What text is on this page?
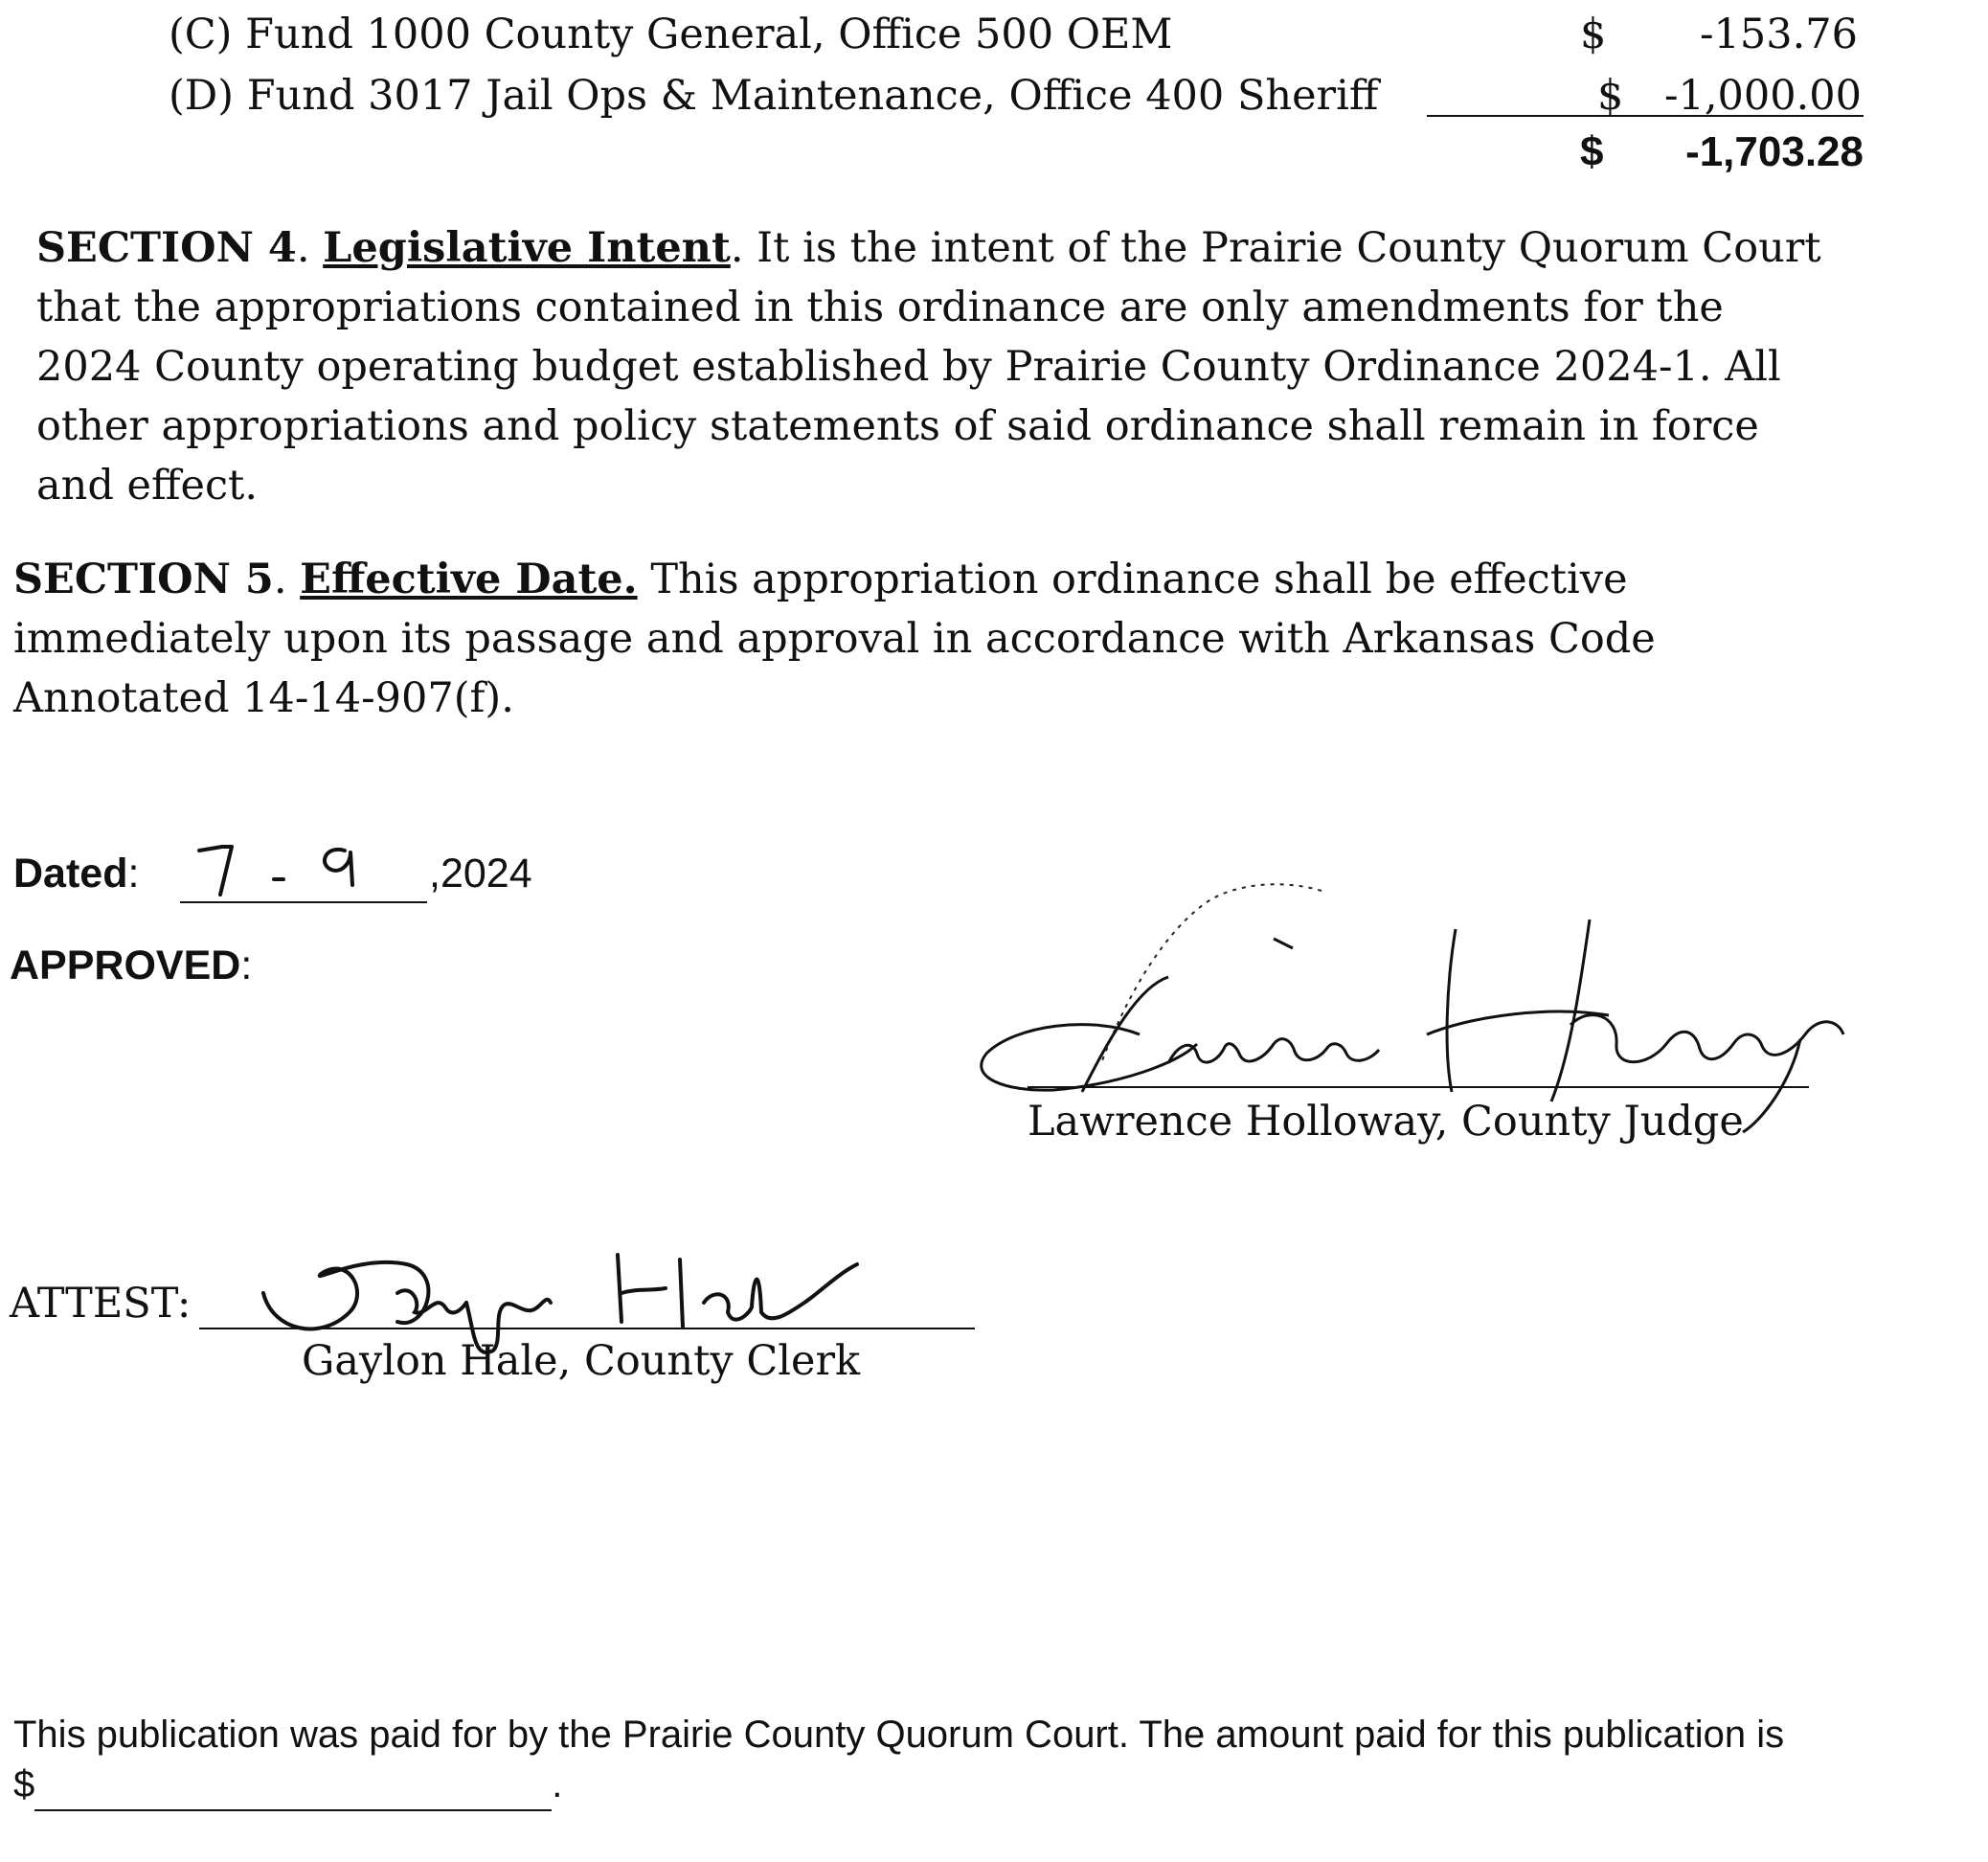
(C) Fund 1000 County General, Office 500 OEM	$	-153.76
(D) Fund 3017 Jail Ops & Maintenance, Office 400 Sheriff	$ -1,000.00
$	-1,703.28
SECTION 4. Legislative Intent. It is the intent of the Prairie County Quorum Court
that the appropriations contained in this ordinance are only amendments for the
2024 County operating budget established by Prairie County Ordinance 2024-1. All
other appropriations and policy statements of said ordinance shall remain in force
and effect.
SECTION 5. Effective Date. This appropriation ordinance shall be effective
immediately upon its passage and approval in accordance with Arkansas Code
Annotated 14-14-907(f).
Dated:	,2024
APPROVED:
Lawrence Holloway, County Judge
ATTEST:
Gaylon Hale, County Clerk
This publication was paid for by the Prairie County Quorum Court. The amount paid for this publication is
$	.
